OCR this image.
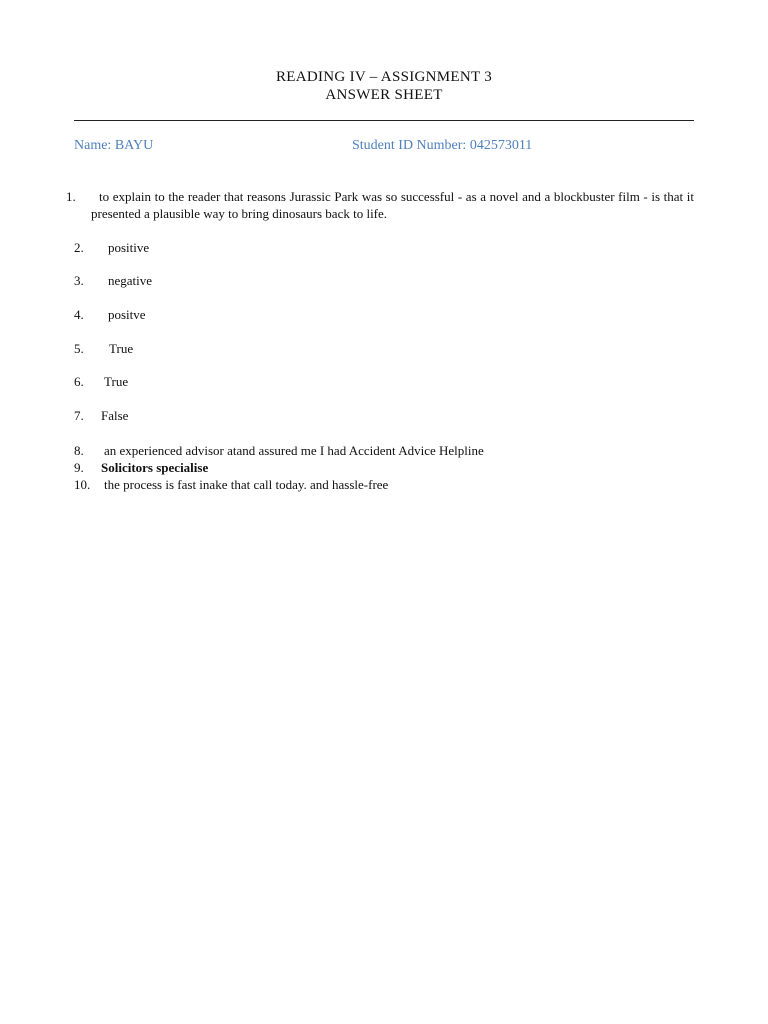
READING IV – ASSIGNMENT 3
ANSWER SHEET
Name: BAYU	Student ID Number: 042573011
1.	to explain to the reader that reasons Jurassic Park was so successful - as a novel and a blockbuster film - is that it presented a plausible way to bring dinosaurs back to life.
2. positive
3. negative
4. positve
5. True
6. True
7. False
8. an experienced advisor atand assured me I had Accident Advice Helpline
9. Solicitors specialise
10. the process is fast inake that call today. and hassle-free
